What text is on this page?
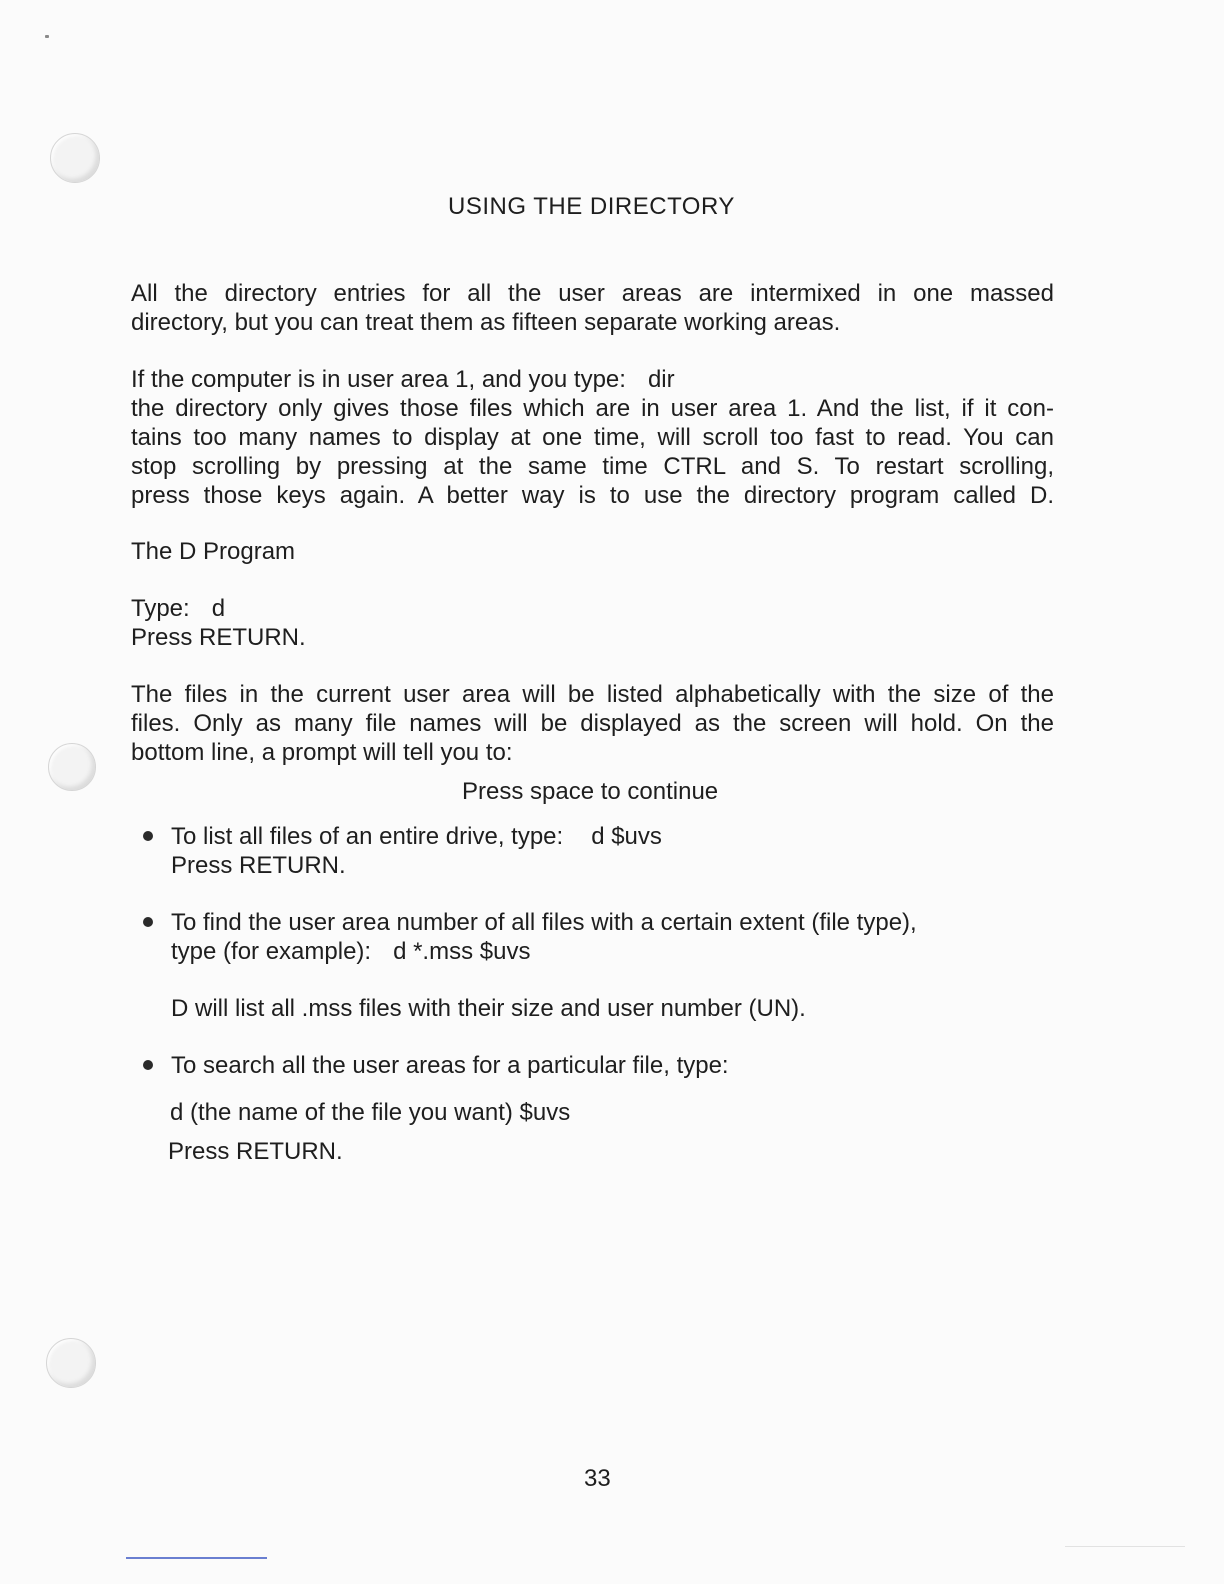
USING THE DIRECTORY
All the directory entries for all the user areas are intermixed in one massed
directory, but you can treat them as fifteen separate working areas.
If the computer is in user area 1, and you type: dir
the directory only gives those files which are in user area 1. And the list, if it con-
tains too many names to display at one time, will scroll too fast to read. You can
stop scrolling by pressing at the same time CTRL and S. To restart scrolling,
press those keys again. A better way is to use the directory program called D.
The D Program
Type: d
Press RETURN.
The files in the current user area will be listed alphabetically with the size of the
files. Only as many file names will be displayed as the screen will hold. On the
bottom line, a prompt will tell you to:
Press space to continue
To list all files of an entire drive, type: d $uvs
Press RETURN.
To find the user area number of all files with a certain extent (file type),
type (for example): d *.mss $uvs
D will list all .mss files with their size and user number (UN).
To search all the user areas for a particular file, type:
d (the name of the file you want) $uvs
Press RETURN.
33
